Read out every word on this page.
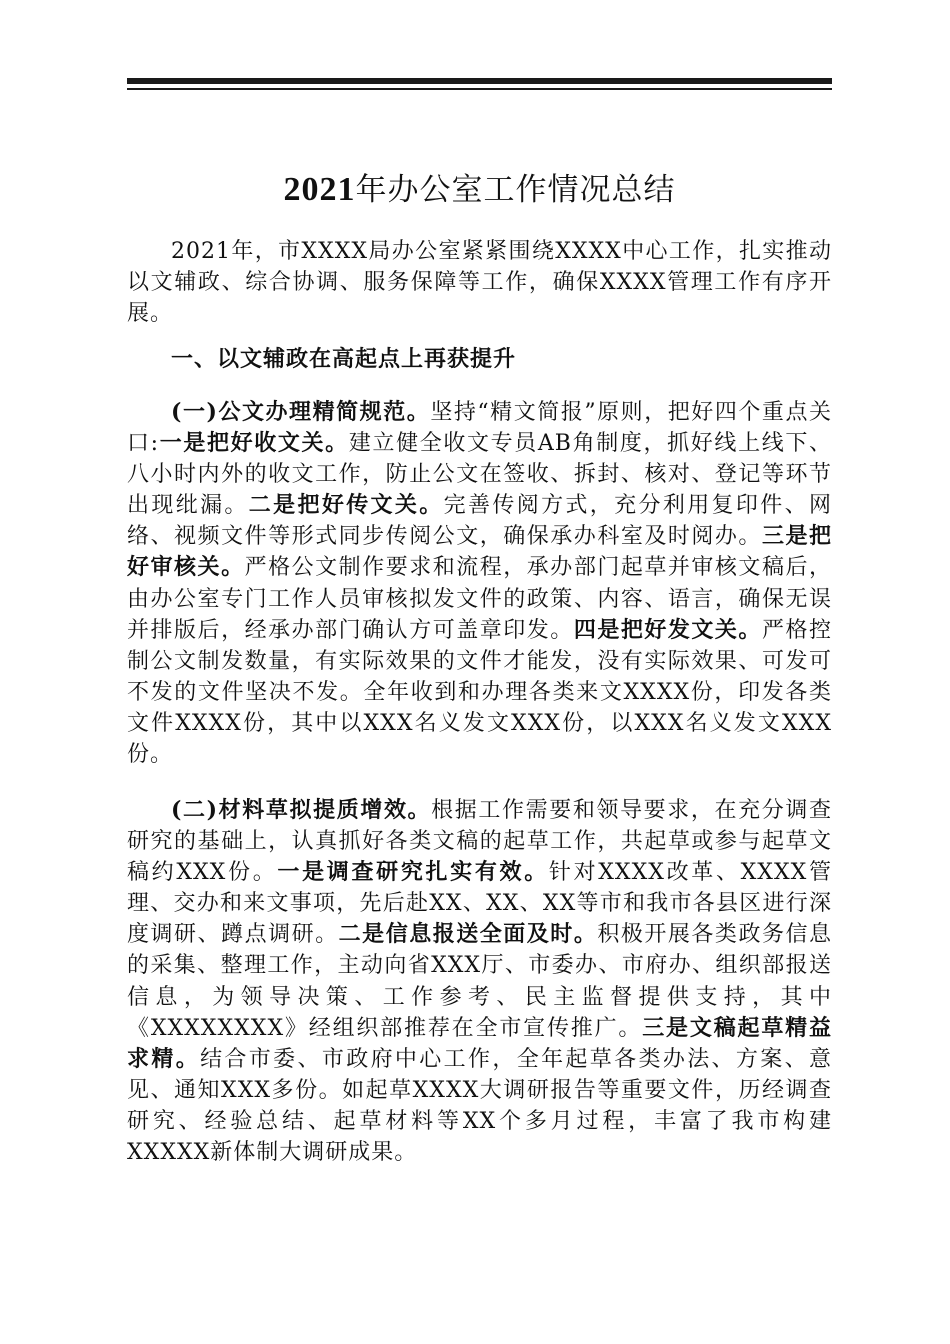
2021年办公室工作情况总结

2021年，市XXXX局办公室紧紧围绕XXXX中心工作，扎实推动以文辅政、综合协调、服务保障等工作，确保XXXX管理工作有序开展。

一、以文辅政在高起点上再获提升

(一)公文办理精简规范。坚持“精文简报”原则，把好四个重点关口:一是把好收文关。建立健全收文专员AB角制度，抓好线上线下、八小时内外的收文工作，防止公文在签收、拆封、核对、登记等环节出现纰漏。二是把好传文关。完善传阅方式，充分利用复印件、网络、视频文件等形式同步传阅公文，确保承办科室及时阅办。三是把好审核关。严格公文制作要求和流程，承办部门起草并审核文稿后，由办公室专门工作人员审核拟发文件的政策、内容、语言，确保无误并排版后，经承办部门确认方可盖章印发。四是把好发文关。严格控制公文制发数量，有实际效果的文件才能发，没有实际效果、可发可不发的文件坚决不发。全年收到和办理各类来文XXXX份，印发各类文件XXXX份，其中以XXX名义发文XXX份，以XXX名义发文XXX份。

(二)材料草拟提质增效。根据工作需要和领导要求，在充分调查研究的基础上，认真抓好各类文稿的起草工作，共起草或参与起草文稿约XXX份。一是调查研究扎实有效。针对XXXX改革、XXXX管理、交办和来文事项，先后赴XX、XX、XX等市和我市各县区进行深度调研、蹲点调研。二是信息报送全面及时。积极开展各类政务信息的采集、整理工作，主动向省XXX厅、市委办、市府办、组织部报送信息，为领导决策、工作参考、民主监督提供支持，其中《XXXXXXXX》经组织部推荐在全市宣传推广。三是文稿起草精益求精。结合市委、市政府中心工作，全年起草各类办法、方案、意见、通知XXX多份。如起草XXXX大调研报告等重要文件，历经调查研究、经验总结、起草材料等XX个多月过程，丰富了我市构建XXXXX新体制大调研成果。
